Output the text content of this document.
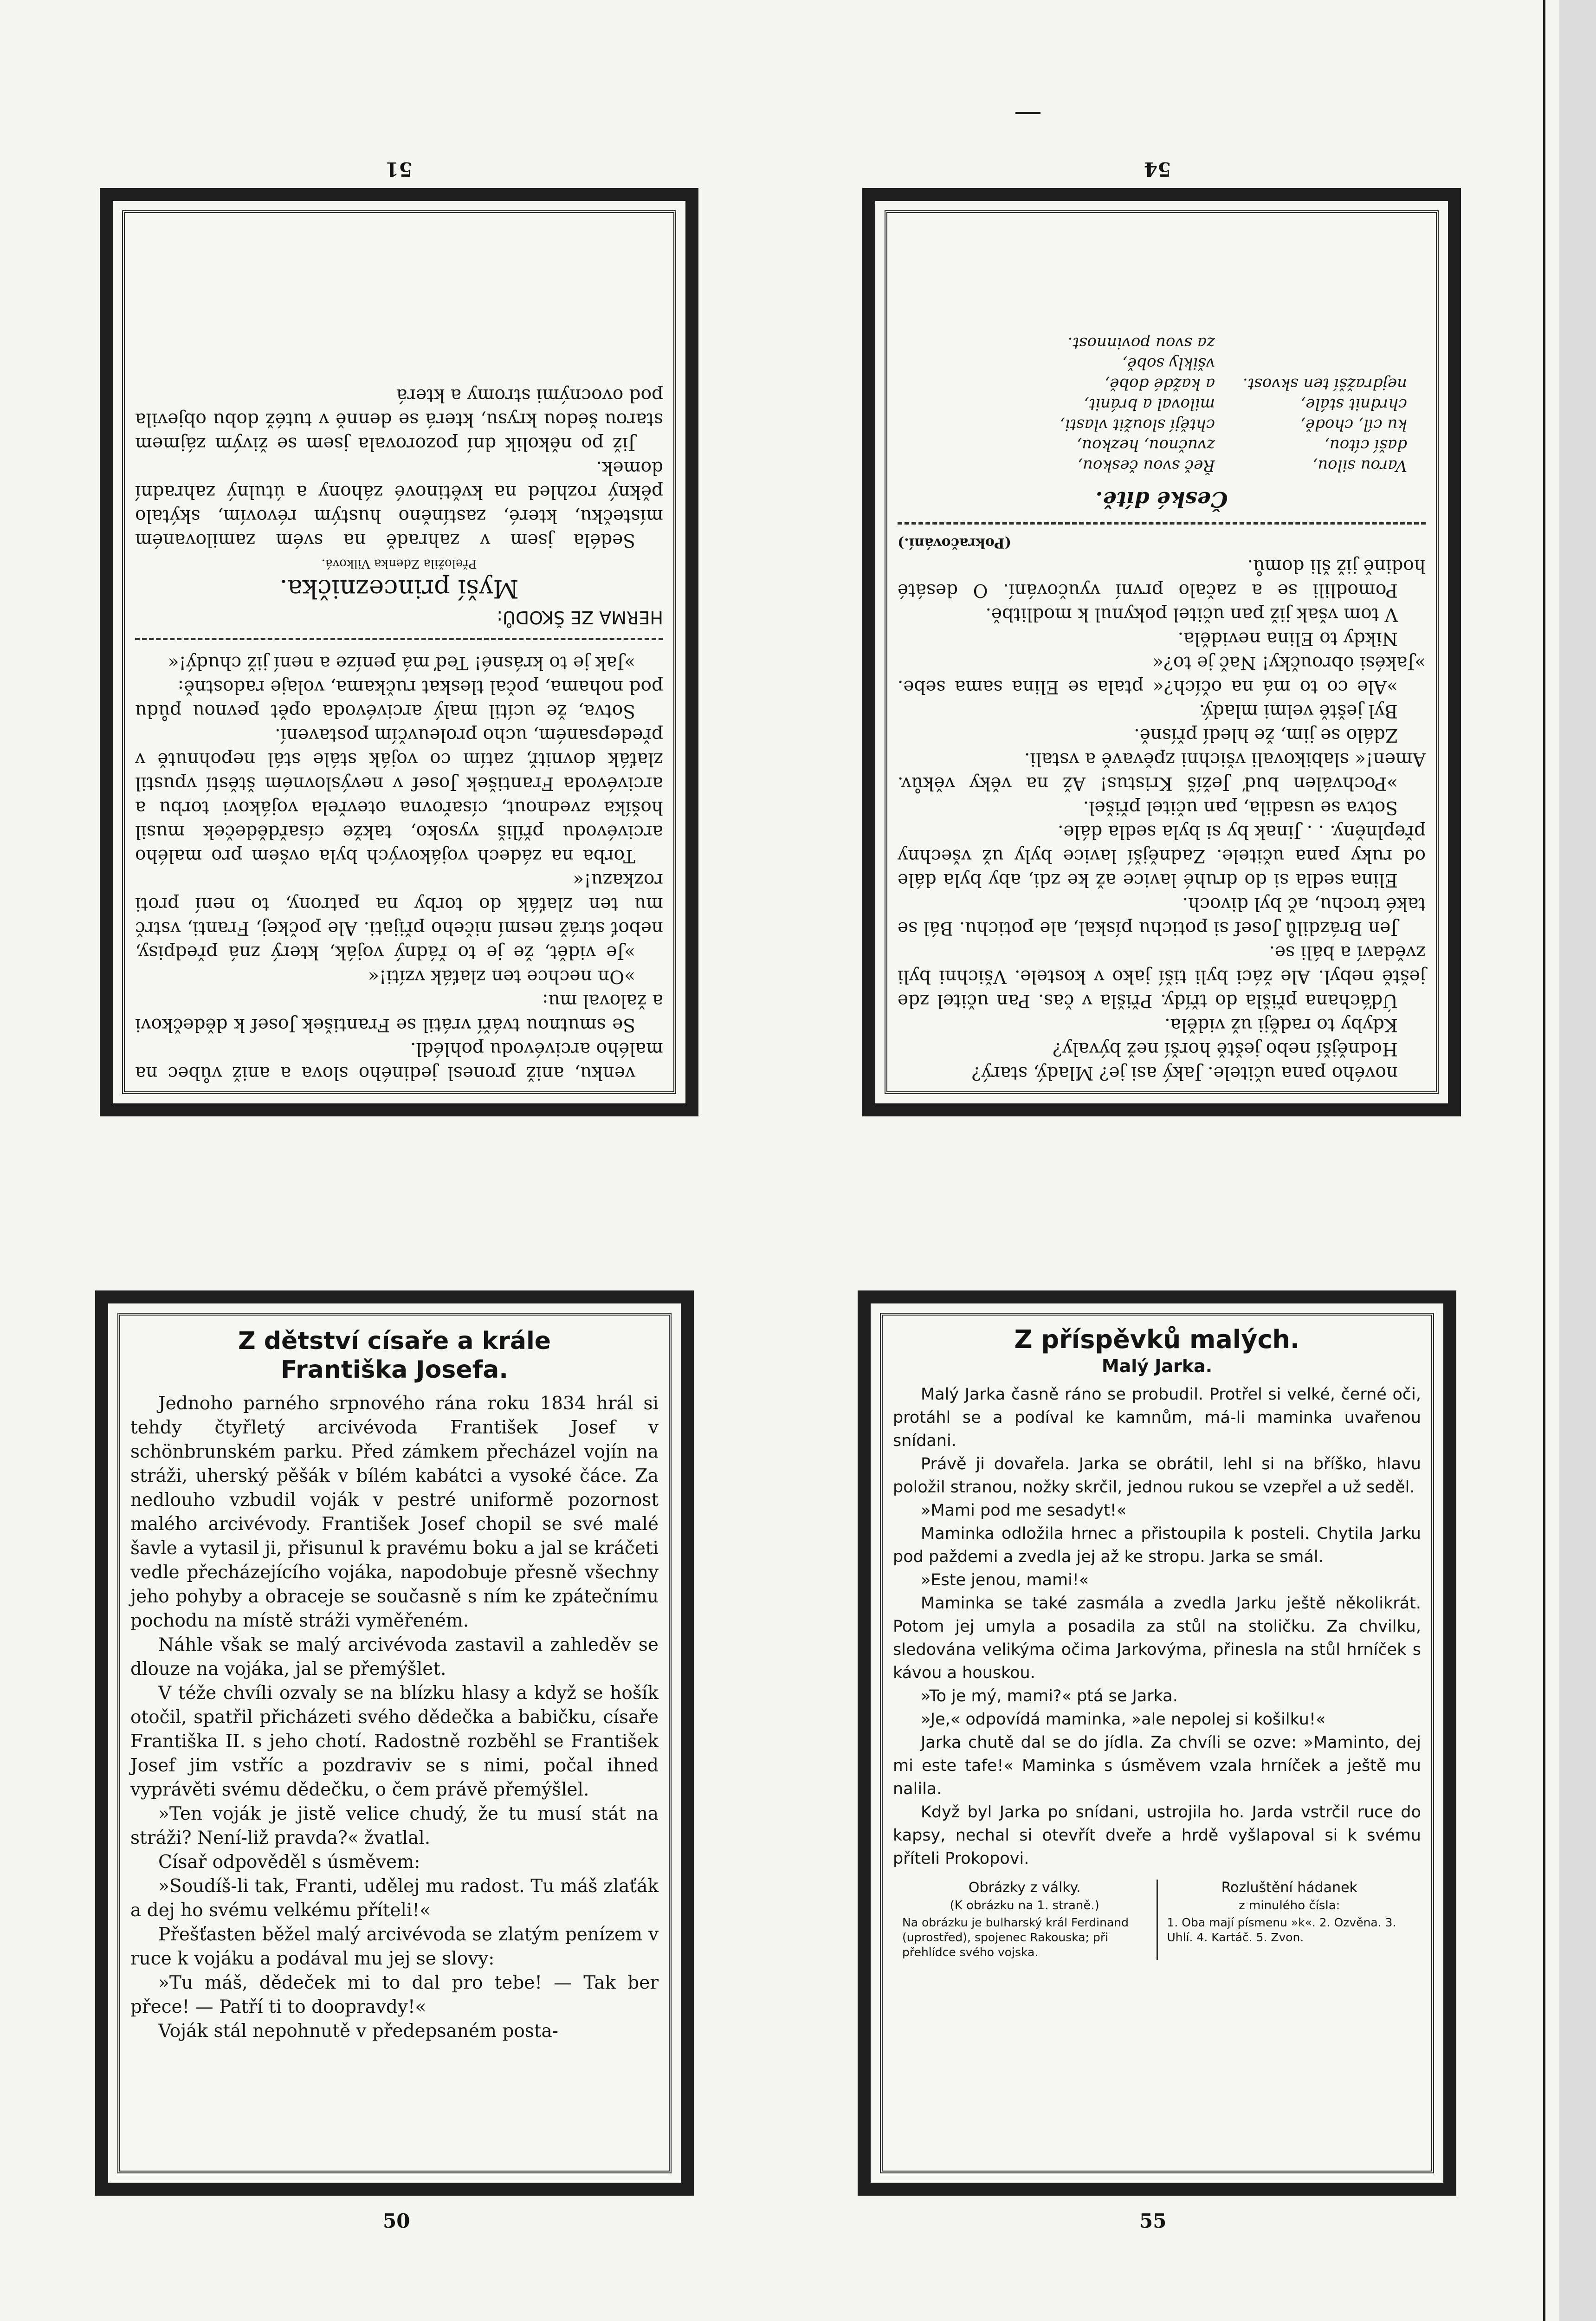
—
51

venku, aniž pronesl jediného slova a aniž vůbec na malého arcivévodu pohlédl.

Se smutnou tváří vrátil se František Josef k dědečkovi a žaloval mu:

»On nechce ten zlaťák vzíti!«

»Je vidět, že je to řádný voják, který zná předpisy, neboť stráž nesmí ničeho přijati. Ale počkej, Franti, vstrč mu ten zlaťák do torby na patrony, to není proti rozkazu!«

Torba na zádech vojákových byla ovšem pro malého arcivévodu příliš vysoko, takže císařdědeček musil hošíka zvednout, císařovna otevřela vojákovi torbu a arcivévoda František Josef v nevýslovném štěstí vpustil zlaťák dovnitř, zatím co voják stále stál nepohnutě v předepsaném, ucho proleuvčím postavení.

Sotva, že ucítil malý arcivévoda opět pevnou půdu pod nohama, počal tleskat ručkama, volaje radostně:

»Jak je to krásné! Teď má peníze a není již chudý!«

HERMA ZE ŠKODŮ:
Myší princeznička.
Přeložila Zdenka Vilková.

Sedéla jsem v zahradě na svém zamilovaném místečku, které, zastíněno hustým révovím, skýtalo pěkný rozhled na květinové záhony a útulný zahradní domek.

Již po několik dní pozorovala jsem se živým zájmem starou šedou krysu, která se denně v tutéž dobu objevila pod ovocnými stromy a která

54

nového pana učitele. Jaký asi je? Mladý, starý?

Hodnější nebo ještě horší než bývaly?

Kdyby to raději už viděla.

Úďáchana přišla do třídy. Přišla v čas. Pan učitel zde ještě nebyl. Ale žáci byli tiší jako v kostele. Všichni byli zvědaví a báli se.

Jen Brázdilů Josef si potichu pískal, ale potichu. Bál se také trochu, ač byl divoch.

Elina sedla si do druhé lavice až ke zdi, aby byla dále od ruky pana učitele. Zadnější lavice byly už všechny přeplněny. . . Jinak by si byla sedla dále.

Sotva se usadila, pan učitel přišel.

»Pochválen buď Ježíš Kristus! Až na věky věkův. Amen!« slabikovali všichni zpěvavě a vstali.

Zdálo se jim, že hledí přísně.

Byl ještě velmi mladý.

»Ale co to má na očích?« ptala se Elina sama sebe. »Jakési obroučky! Nač je to?«

Nikdy to Elina neviděla.

V tom však již pan učitel pokynul k modlitbě.

Pomodlili se a začalo první vyučování. O desáté hodině již šli domů.

(Pokračování.)
České dítě.
Varou silou,
daší cítou,
ku cíl, chodě,
chrdnit stále,
nejdražší ten skvost.
Řeč svou českou,
zvučnou, hezkou,
chtějí sloužit vlasti,
miloval a bránit,
a každé době,
všikly sobě,
za svou povinnost.
Z dětství císaře a krále Františka Josefa.

Jednoho parného srpnového rána roku 1834 hrál si tehdy čtyřletý arcivévoda František Josef v schönbrunském parku. Před zámkem přecházel vojín na stráži, uherský pěšák v bílém kabátci a vysoké čáce. Za nedlouho vzbudil voják v pestré uniformě pozornost malého arcivévody. František Josef chopil se své malé šavle a vytasil ji, přisunul k pravému boku a jal se kráčeti vedle přecházejícího vojáka, napodobuje přesně všechny jeho pohyby a obraceje se současně s ním ke zpátečnímu pochodu na místě stráži vyměřeném.

Náhle však se malý arcivévoda zastavil a zahleděv se dlouze na vojáka, jal se přemýšlet.

V téže chvíli ozvaly se na blízku hlasy a když se hošík otočil, spatřil přicházeti svého dědečka a babičku, císaře Františka II. s jeho chotí. Radostně rozběhl se František Josef jim vstříc a pozdraviv se s nimi, počal ihned vyprávěti svému dědečku, o čem právě přemýšlel.

»Ten voják je jistě velice chudý, že tu musí stát na stráži? Není-liž pravda?« žvatlal.

Císař odpověděl s úsměvem:

»Soudíš-li tak, Franti, udělej mu radost. Tu máš zlaťák a dej ho svému velkému příteli!«

Přešťasten běžel malý arcivévoda se zlatým penízem v ruce k vojáku a podával mu jej se slovy:

»Tu máš, dědeček mi to dal pro tebe! — Tak ber přece! — Patří ti to doopravdy!«

Voják stál nepohnutě v předepsaném posta-

50
Z příspěvků malých.
Malý Jarka.

Malý Jarka časně ráno se probudil. Protřel si velké, černé oči, protáhl se a podíval ke kamnům, má-li maminka uvařenou snídani.

Právě ji dovařela. Jarka se obrátil, lehl si na bříško, hlavu položil stranou, nožky skrčil, jednou rukou se vzepřel a už seděl.

»Mami pod me sesadyt!«

Maminka odložila hrnec a přistoupila k posteli. Chytila Jarku pod paždemi a zvedla jej až ke stropu. Jarka se smál.

»Este jenou, mami!«

Maminka se také zasmála a zvedla Jarku ještě několikrát. Potom jej umyla a posadila za stůl na stoličku. Za chvilku, sledována velikýma očima Jarkovýma, přinesla na stůl hrníček s kávou a houskou.

»To je mý, mami?« ptá se Jarka.

»Je,« odpovídá maminka, »ale nepolej si košilku!«

Jarka chutě dal se do jídla. Za chvíli se ozve: »Maminto, dej mi este tafe!« Maminka s úsměvem vzala hrníček a ještě mu nalila.

Když byl Jarka po snídani, ustrojila ho. Jarda vstrčil ruce do kapsy, nechal si otevřít dveře a hrdě vyšlapoval si k svému příteli Prokopovi.

Obrázky z války.
(K obrázku na 1. straně.)
Na obrázku je bulharský král Ferdinand (uprostřed), spojenec Rakouska; při přehlídce svého vojska.
Rozluštění hádanek
z minulého čísla:
1. Oba mají písmenu »k«. 2. Ozvěna. 3. Uhlí. 4. Kartáč. 5. Zvon.
55
